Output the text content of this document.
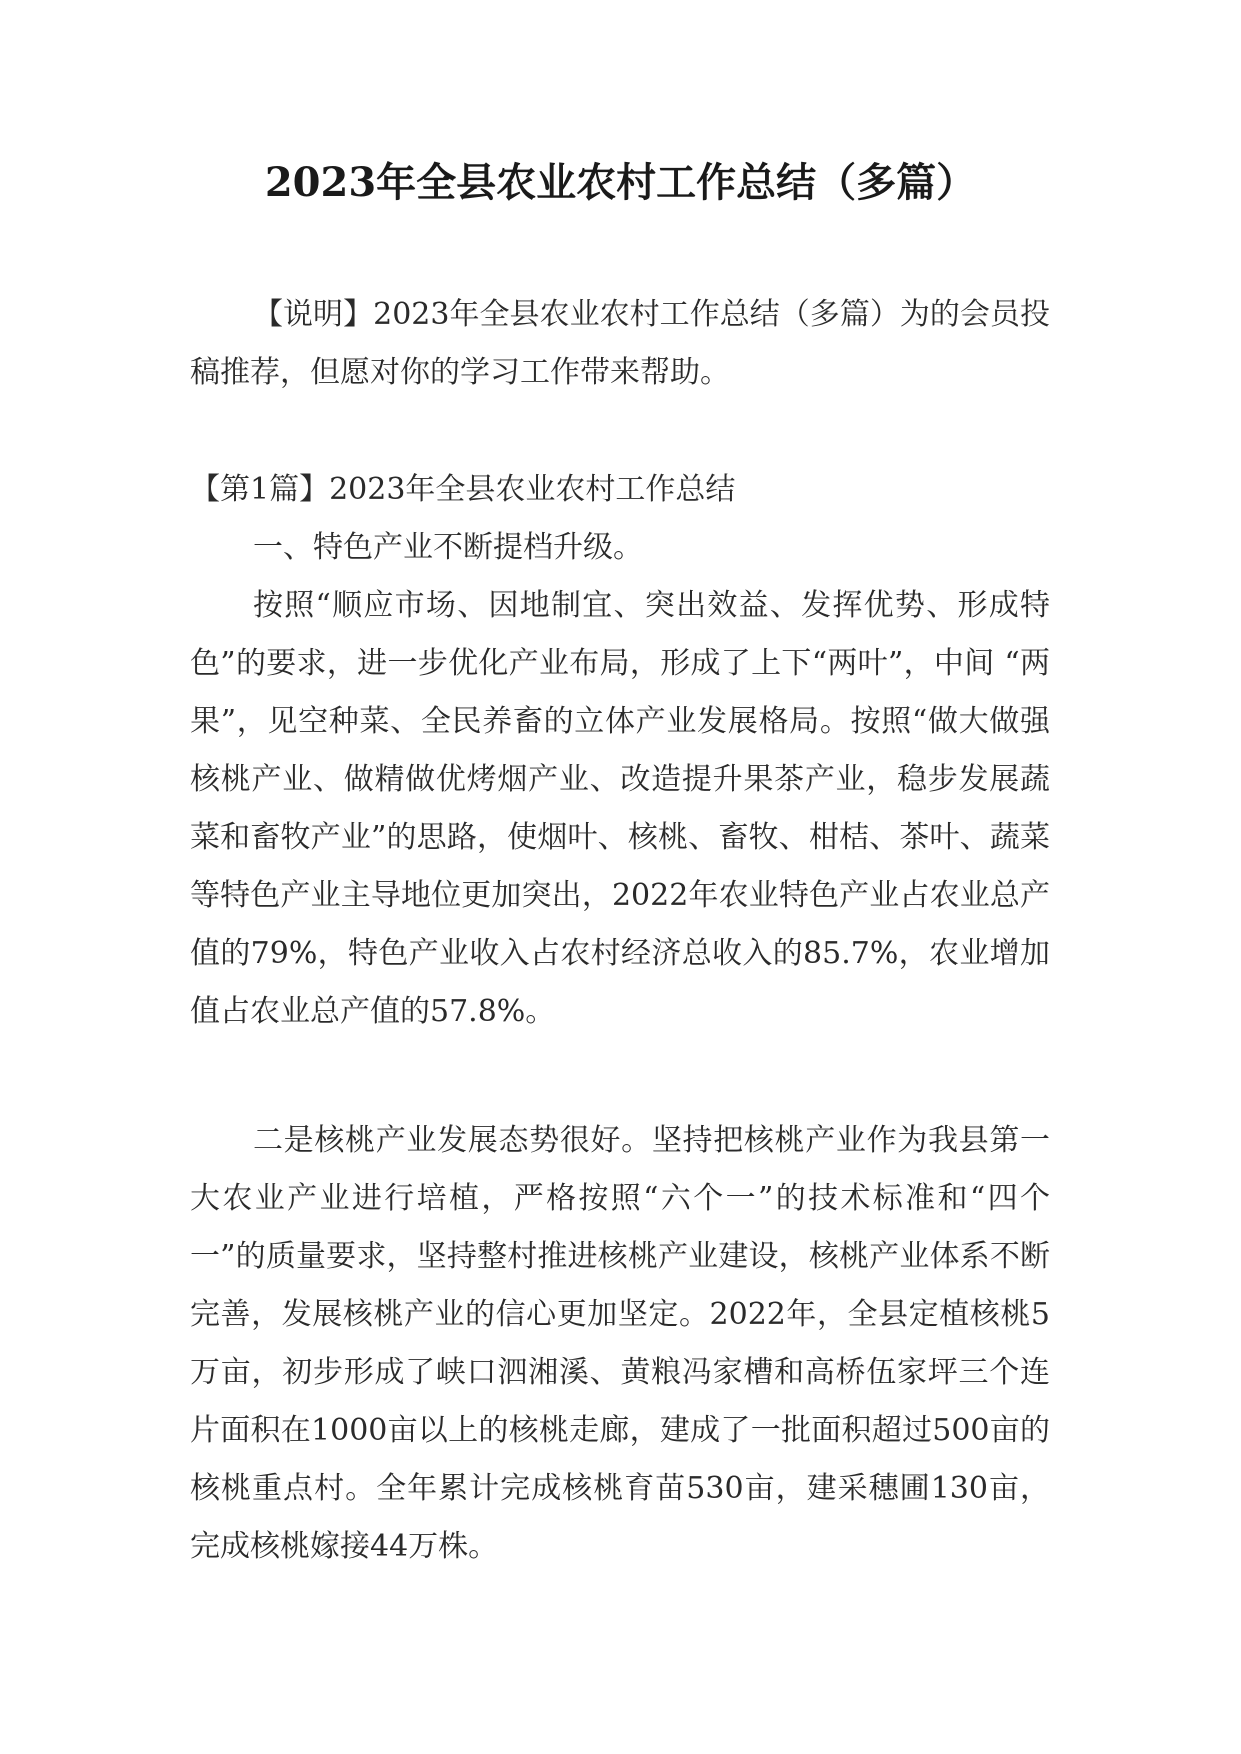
2023年全县农业农村工作总结（多篇）

【说明】2023年全县农业农村工作总结（多篇）为的会员投稿推荐，但愿对你的学习工作带来帮助。

【第1篇】2023年全县农业农村工作总结

一、特色产业不断提档升级。

按照“顺应市场、因地制宜、突出效益、发挥优势、形成特色”的要求，进一步优化产业布局，形成了上下“两叶”，中间 “两果”，见空种菜、全民养畜的立体产业发展格局。按照“做大做强核桃产业、做精做优烤烟产业、改造提升果茶产业，稳步发展蔬菜和畜牧产业”的思路，使烟叶、核桃、畜牧、柑桔、茶叶、蔬菜等特色产业主导地位更加突出，2022年农业特色产业占农业总产值的79%，特色产业收入占农村经济总收入的85.7%，农业增加值占农业总产值的57.8%。

二是核桃产业发展态势很好。坚持把核桃产业作为我县第一大农业产业进行培植，严格按照“六个一”的技术标准和“四个一”的质量要求，坚持整村推进核桃产业建设，核桃产业体系不断完善，发展核桃产业的信心更加坚定。2022年，全县定植核桃5万亩，初步形成了峡口泗湘溪、黄粮冯家槽和高桥伍家坪三个连片面积在1000亩以上的核桃走廊，建成了一批面积超过500亩的核桃重点村。全年累计完成核桃育苗530亩，建采穗圃130亩，完成核桃嫁接44万株。
